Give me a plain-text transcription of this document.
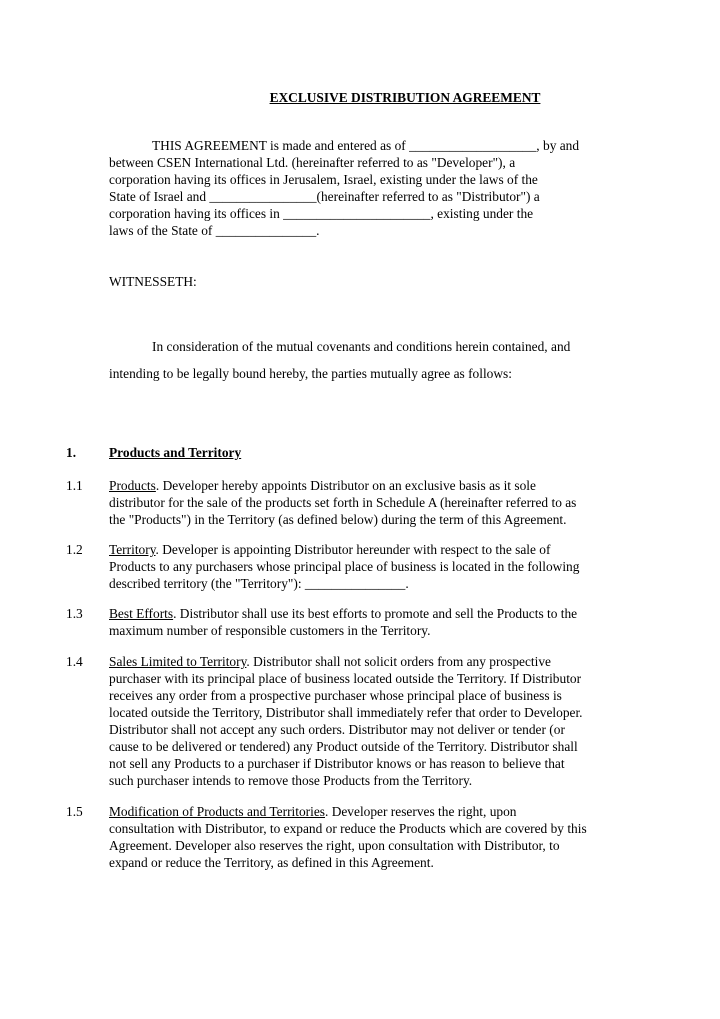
EXCLUSIVE DISTRIBUTION AGREEMENT
THIS AGREEMENT is made and entered as of ___________________, by and
between CSEN International Ltd. (hereinafter referred to as "Developer"), a
corporation having its offices in Jerusalem, Israel, existing under the laws of the
State of Israel and ________________(hereinafter referred to as "Distributor") a
corporation having its offices in ______________________, existing under the
laws of the State of _______________.
WITNESSETH:
In consideration of the mutual covenants and conditions herein contained, and
intending to be legally bound hereby, the parties mutually agree as follows:
1. Products and Territory
1.1 Products. Developer hereby appoints Distributor on an exclusive basis as it sole
distributor for the sale of the products set forth in Schedule A (hereinafter referred to as
the "Products") in the Territory (as defined below) during the term of this Agreement.
1.2 Territory. Developer is appointing Distributor hereunder with respect to the sale of
Products to any purchasers whose principal place of business is located in the following
described territory (the "Territory"): _______________.
1.3 Best Efforts. Distributor shall use its best efforts to promote and sell the Products to the
maximum number of responsible customers in the Territory.
1.4 Sales Limited to Territory. Distributor shall not solicit orders from any prospective
purchaser with its principal place of business located outside the Territory. If Distributor
receives any order from a prospective purchaser whose principal place of business is
located outside the Territory, Distributor shall immediately refer that order to Developer.
Distributor shall not accept any such orders. Distributor may not deliver or tender (or
cause to be delivered or tendered) any Product outside of the Territory. Distributor shall
not sell any Products to a purchaser if Distributor knows or has reason to believe that
such purchaser intends to remove those Products from the Territory.
1.5 Modification of Products and Territories. Developer reserves the right, upon
consultation with Distributor, to expand or reduce the Products which are covered by this
Agreement. Developer also reserves the right, upon consultation with Distributor, to
expand or reduce the Territory, as defined in this Agreement.
